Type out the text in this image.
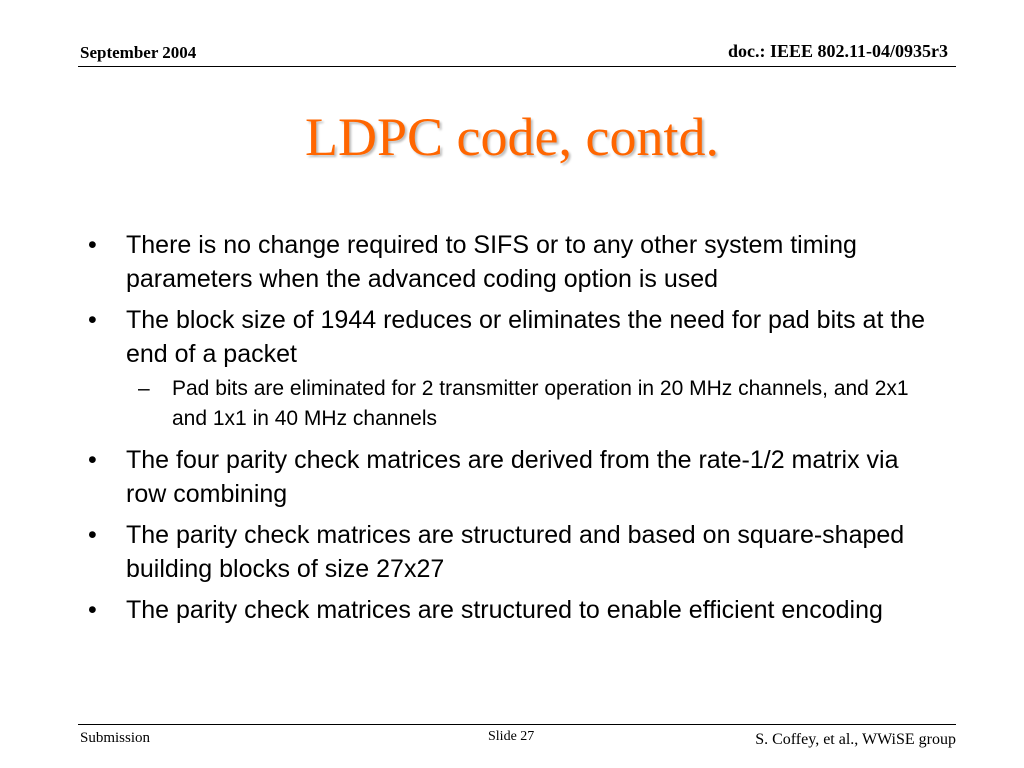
September 2004	doc.: IEEE 802.11-04/0935r3
LDPC code, contd.
• There is no change required to SIFS or to any other system timing parameters when the advanced coding option is used
• The block size of 1944 reduces or eliminates the need for pad bits at the end of a packet
– Pad bits are eliminated for 2 transmitter operation in 20 MHz channels, and 2x1 and 1x1 in 40 MHz channels
• The four parity check matrices are derived from the rate-1/2 matrix via row combining
• The parity check matrices are structured and based on square-shaped building blocks of size 27x27
• The parity check matrices are structured to enable efficient encoding
Submission	Slide 27	S. Coffey, et al., WWiSE group
